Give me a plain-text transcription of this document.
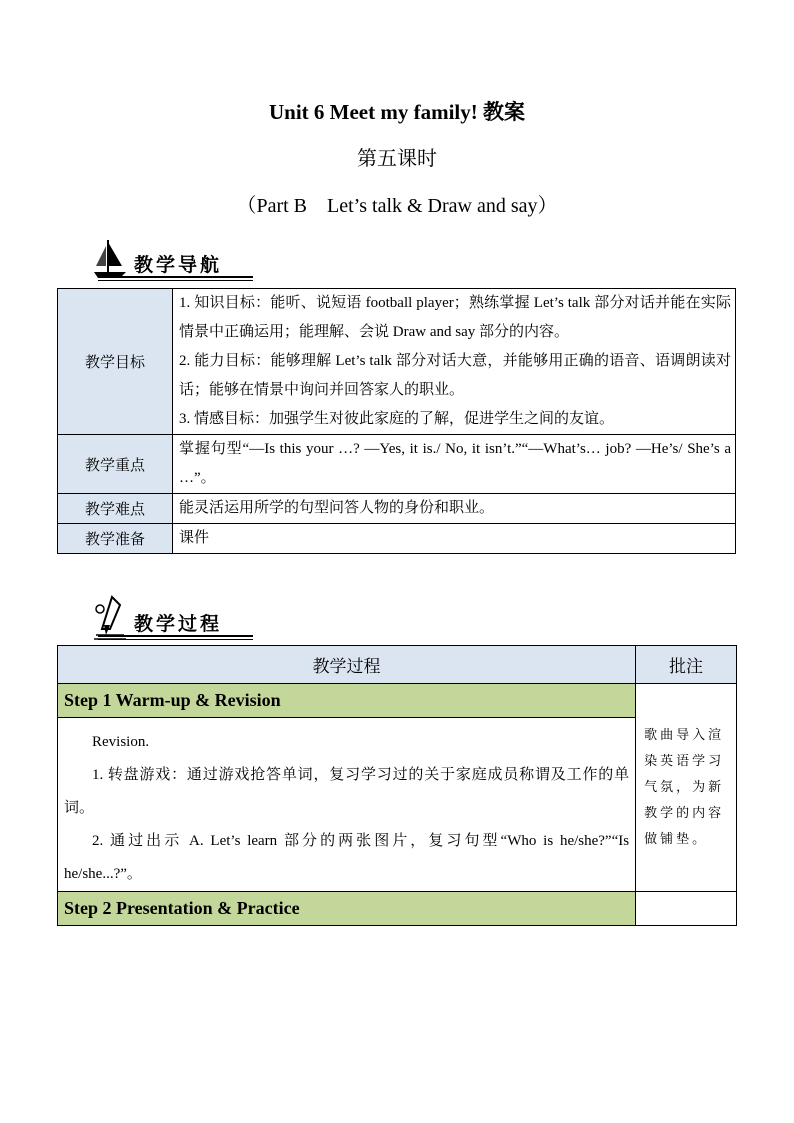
Unit 6 Meet my family! 教案
第五课时
（Part B    Let’s talk & Draw and say）
教学导航
教学目标	1. 知识目标：能听、说短语 football player；熟练掌握 Let’s talk 部分对话并能在实际情景中正确运用；能理解、会说 Draw and say 部分的内容。

2. 能力目标：能够理解 Let’s talk 部分对话大意，并能够用正确的语音、语调朗读对话；能够在情景中询问并回答家人的职业。

3. 情感目标：加强学生对彼此家庭的了解，促进学生之间的友谊。

教学重点	掌握句型“—Is this your …? —Yes, it is./ No, it isn’t.”“—What’s… job? —He’s/ She’s a …”。
教学难点	能灵活运用所学的句型问答人物的身份和职业。
教学准备	课件
教学过程
教学过程	批注
Step 1 Warm-up & Revision	歌曲导入渲染英语学习气氛，为新教学的内容做铺垫。

Revision.

1. 转盘游戏：通过游戏抢答单词，复习学习过的关于家庭成员称谓及工作的单词。

2. 通过出示 A. Let’s learn 部分的两张图片，复习句型“Who is he/she?”“Is he/she...?”。	

Step 2 Presentation & Practice	
